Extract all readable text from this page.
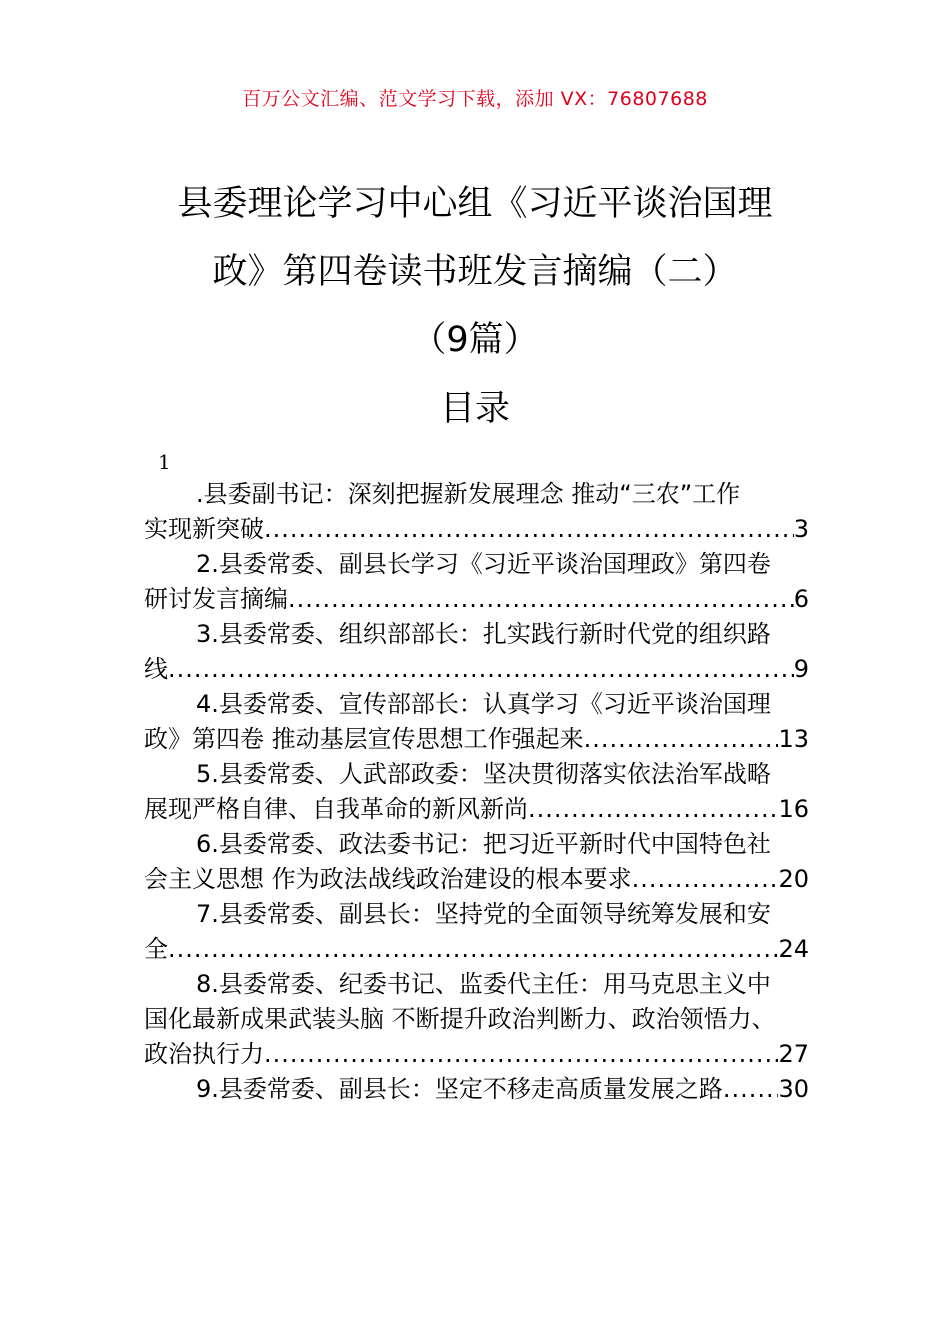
百万公文汇编、范文学习下载，添加 VX：76807688
县委理论学习中心组《习近平谈治国理
政》第四卷读书班发言摘编（二）
（9篇）
目录
1
.县委副书记：深刻把握新发展理念 推动“三农”工作
实现新突破 .....	3
2.县委常委、副县长学习《习近平谈治国理政》第四卷
研讨发言摘编 .....	6
3.县委常委、组织部部长：扎实践行新时代党的组织路
线 .....	9
4.县委常委、宣传部部长：认真学习《习近平谈治国理
政》第四卷 推动基层宣传思想工作强起来 .....	13
5.县委常委、人武部政委：坚决贯彻落实依法治军战略
展现严格自律、自我革命的新风新尚 .....	16
6.县委常委、政法委书记：把习近平新时代中国特色社
会主义思想 作为政法战线政治建设的根本要求 .....	20
7.县委常委、副县长：坚持党的全面领导统筹发展和安
全 .....	24
8.县委常委、纪委书记、监委代主任：用马克思主义中
国化最新成果武装头脑 不断提升政治判断力、政治领悟力、
政治执行力 .....	27
9.县委常委、副县长：坚定不移走高质量发展之路 ..... 30
